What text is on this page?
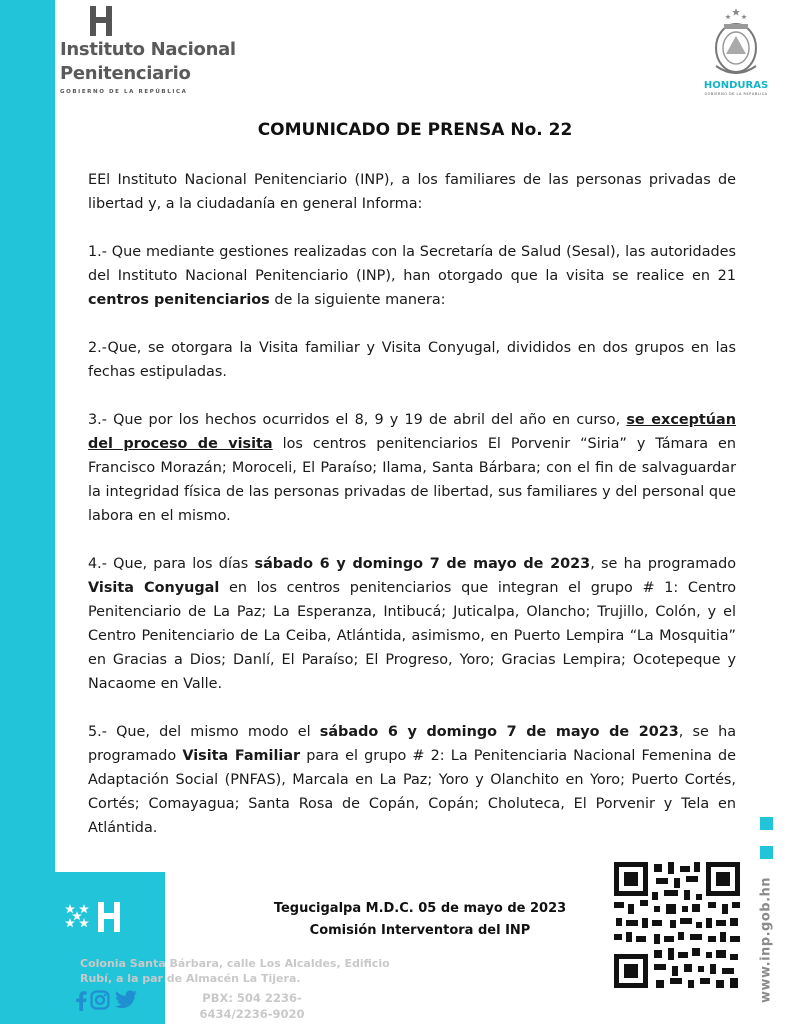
Instituto Nacional
Penitenciario
GOBIERNO DE LA REPÚBLICA
HONDURAS
GOBIERNO DE LA REPÚBLICA
COMUNICADO DE PRENSA No. 22

EEl Instituto Nacional Penitenciario (INP), a los familiares de las personas privadas de libertad y, a la ciudadanía en general Informa:

1.- Que mediante gestiones realizadas con la Secretaría de Salud (Sesal), las autoridades del Instituto Nacional Penitenciario (INP), han otorgado que la visita se realice en 21 centros penitenciarios de la siguiente manera:

2.-Que, se otorgara la Visita familiar y Visita Conyugal, divididos en dos grupos en las fechas estipuladas.

3.- Que por los hechos ocurridos el 8, 9 y 19 de abril del año en curso, se exceptúan del proceso de visita los centros penitenciarios El Porvenir “Siria” y Támara en Francisco Morazán; Moroceli, El Paraíso; Ilama, Santa Bárbara; con el fin de salvaguardar la integridad física de las personas privadas de libertad, sus familiares y del personal que labora en el mismo.

4.- Que, para los días sábado 6 y domingo 7 de mayo de 2023, se ha programado Visita Conyugal en los centros penitenciarios que integran el grupo # 1: Centro Penitenciario de La Paz; La Esperanza, Intibucá; Juticalpa, Olancho; Trujillo, Colón, y el Centro Penitenciario de La Ceiba, Atlántida, asimismo, en Puerto Lempira “La Mosquitia” en Gracias a Dios; Danlí, El Paraíso; El Progreso, Yoro; Gracias Lempira; Ocotepeque y Nacaome en Valle.

5.- Que, del mismo modo el sábado 6 y domingo 7 de mayo de 2023, se ha programado Visita Familiar para el grupo # 2: La Penitenciaria Nacional Femenina de Adaptación Social (PNFAS), Marcala en La Paz; Yoro y Olanchito en Yoro; Puerto Cortés, Cortés; Comayagua; Santa Rosa de Copán, Copán; Choluteca, El Porvenir y Tela en Atlántida.

Tegucigalpa M.D.C. 05 de mayo de 2023
Comisión Interventora del INP	www.inp.gob.hn
Colonia Santa Bárbara, calle Los Alcaldes, Edificio Rubí, a la par de Almacén La Tijera.
PBX: 504 2236-
6434/2236-9020
